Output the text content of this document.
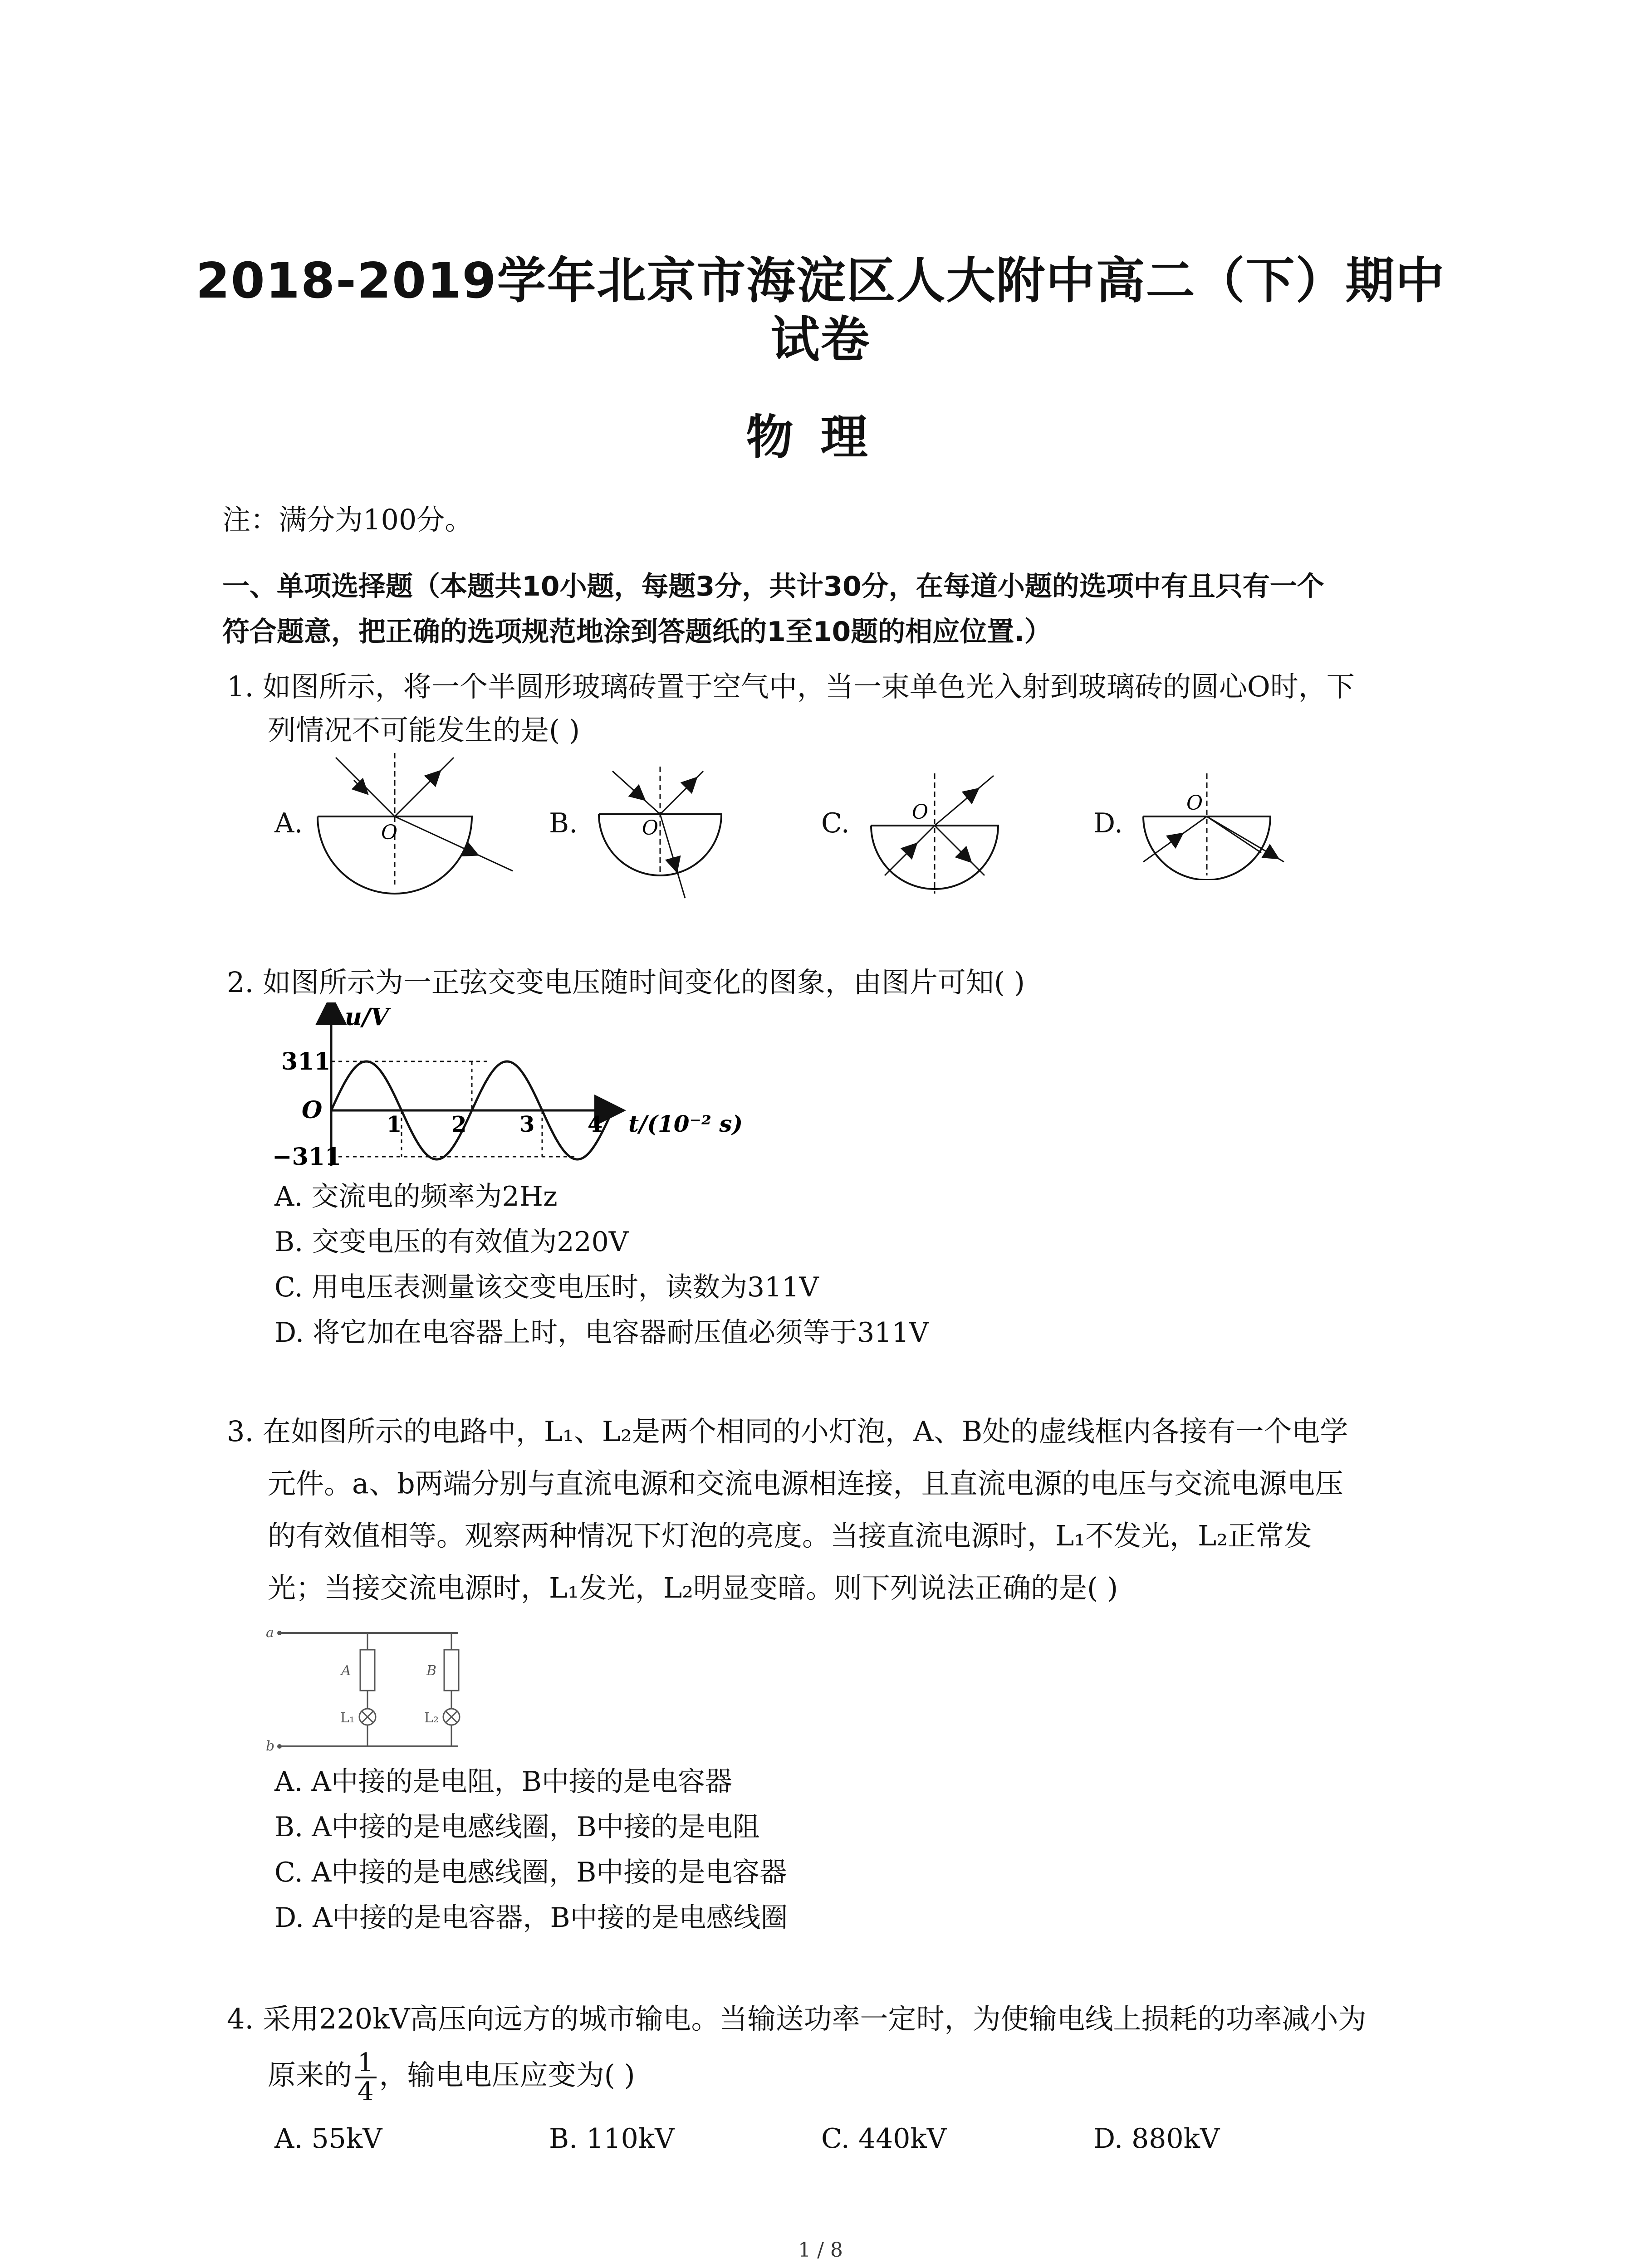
2018-2019学年北京市海淀区人大附中高二（下）期中
试卷
物理
注：满分为100分。
一、单项选择题（本题共10小题，每题3分，共计30分，在每道小题的选项中有且只有一个
符合题意，把正确的选项规范地涂到答题纸的1至10题的相应位置.）
1. 如图所示，将一个半圆形玻璃砖置于空气中，当一束单色光入射到玻璃砖的圆心O时，下
列情况不可能发生的是( )
A.	B.	C.	D.
O	O
O	O
2. 如图所示为一正弦交变电压随时间变化的图象，由图片可知( )
u/V
311
O
−311
1 2 3 4 t/(10⁻² s)
A. 交流电的频率为2Hz
B. 交变电压的有效值为220V
C. 用电压表测量该交变电压时，读数为311V
D. 将它加在电容器上时，电容器耐压值必须等于311V
3. 在如图所示的电路中，L₁、L₂是两个相同的小灯泡，A、B处的虚线框内各接有一个电学
元件。a、b两端分别与直流电源和交流电源相连接，且直流电源的电压与交流电源电压
的有效值相等。观察两种情况下灯泡的亮度。当接直流电源时，L₁不发光，L₂正常发
光；当接交流电源时，L₁发光，L₂明显变暗。则下列说法正确的是( )
a
b
A	B
L₁	L₂
A. A中接的是电阻，B中接的是电容器
B. A中接的是电感线圈，B中接的是电阻
C. A中接的是电感线圈，B中接的是电容器
D. A中接的是电容器，B中接的是电感线圈
4. 采用220kV高压向远方的城市输电。当输送功率一定时，为使输电线上损耗的功率减小为
原来的 $\frac{1}{4}$ ，输电电压应变为( )
A. 55kV	B. 110kV	C. 440kV	D. 880kV
1 / 8
